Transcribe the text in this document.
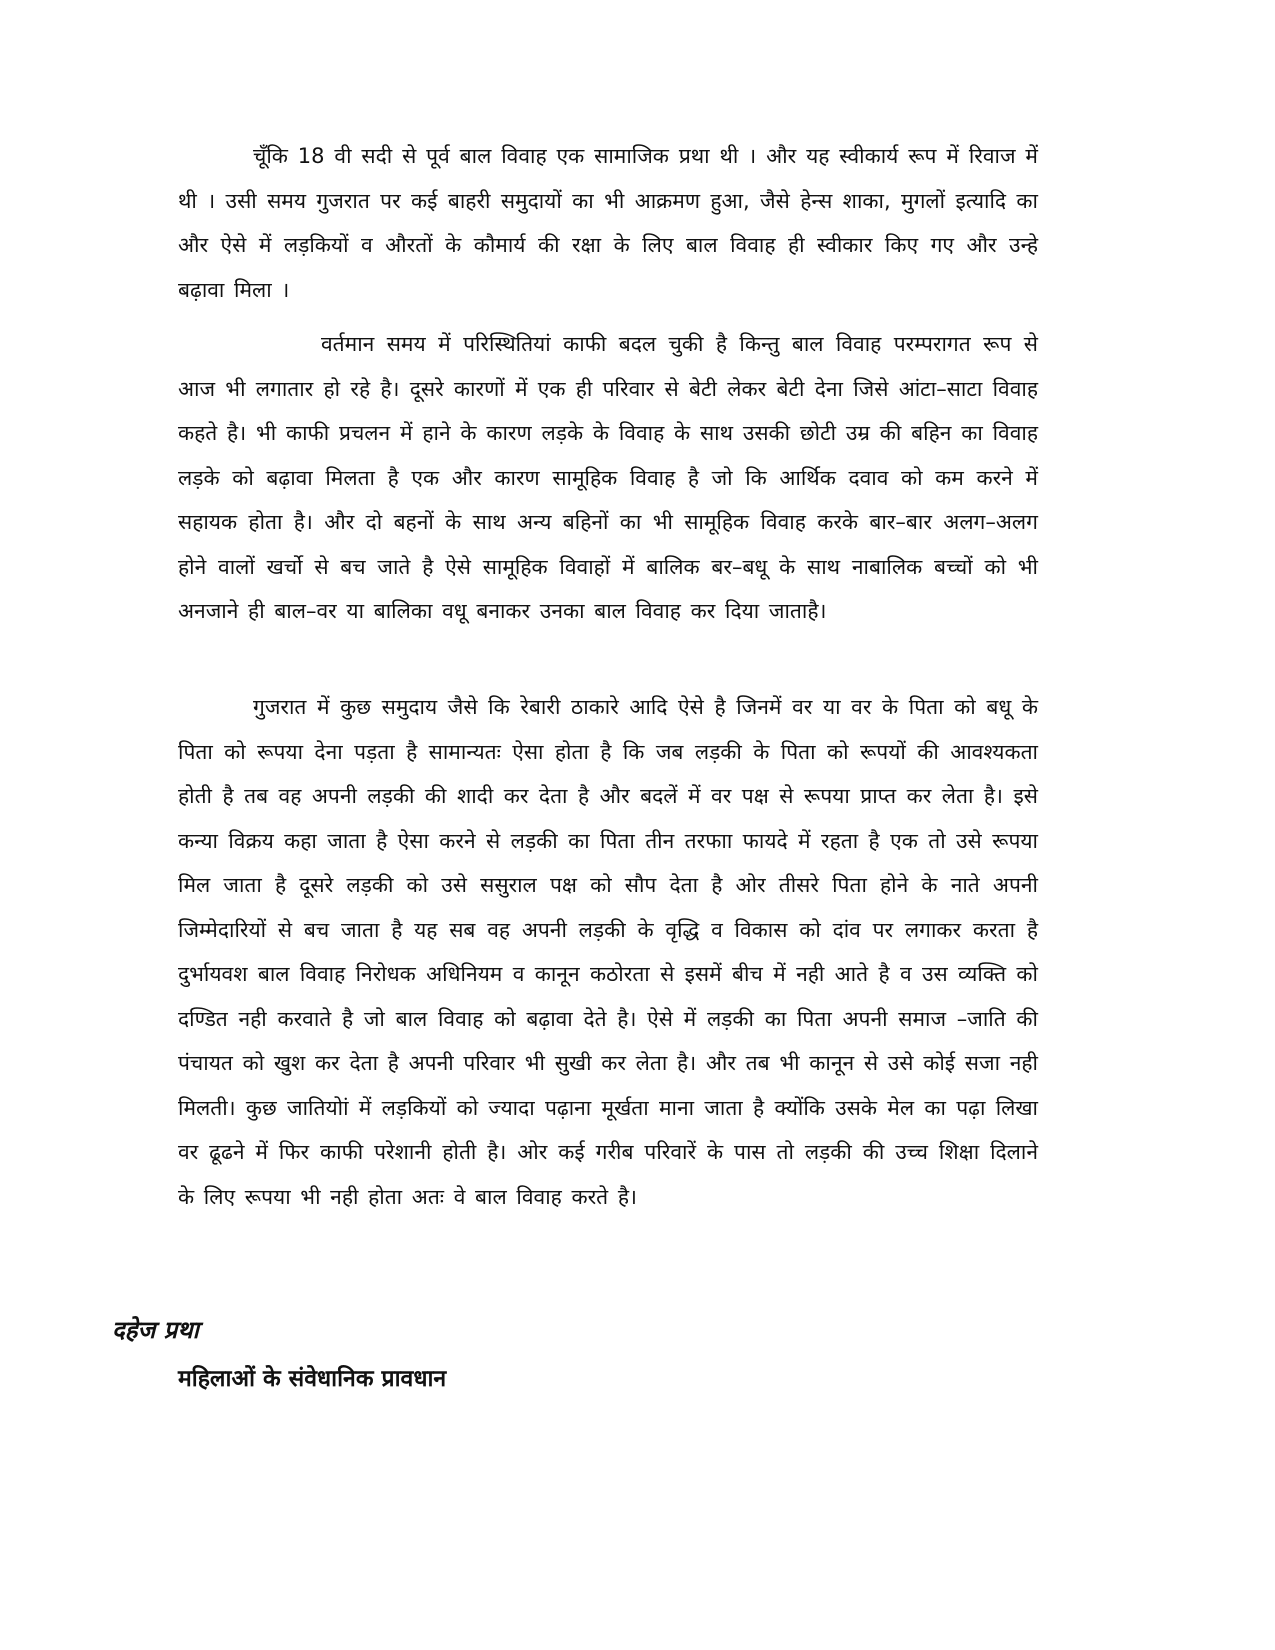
चूँकि 18 वी सदी से पूर्व बाल विवाह एक सामाजिक प्रथा थी । और यह स्वीकार्य रूप में रिवाज में थी । उसी समय गुजरात पर कई बाहरी समुदायों का भी आक्रमण हुआ, जैसे हेन्स शाका, मुगलों इत्यादि का और ऐसे में लड़कियों व औरतों के कौमार्य की रक्षा के लिए बाल विवाह ही स्वीकार किए गए और उन्हे बढ़ावा मिला ।

वर्तमान समय में परिस्थितियां काफी बदल चुकी है किन्तु बाल विवाह परम्परागत रूप से आज भी लगातार हो रहे है। दूसरे कारणों में एक ही परिवार से बेटी लेकर बेटी देना जिसे आंटा–साटा विवाह कहते है। भी काफी प्रचलन में हाने के कारण लड़के के विवाह के साथ उसकी छोटी उम्र की बहिन का विवाह लड़के को बढ़ावा मिलता है एक और कारण सामूहिक विवाह है जो कि आर्थिक दवाव को कम करने में सहायक होता है। और दो बहनों के साथ अन्य बहिनों का भी सामूहिक विवाह करके बार–बार अलग–अलग होने वालों खर्चो से बच जाते है ऐसे सामूहिक विवाहों में बालिक बर–बधू के साथ नाबालिक बच्चों को भी अनजाने ही बाल–वर या बालिका वधू बनाकर उनका बाल विवाह कर दिया जाताहै।

गुजरात में कुछ समुदाय जैसे कि रेबारी ठाकारे आदि ऐसे है जिनमें वर या वर के पिता को बधू के पिता को रूपया देना पड़ता है सामान्यतः ऐसा होता है कि जब लड़की के पिता को रूपयों की आवश्यकता होती है तब वह अपनी लड़की की शादी कर देता है और बदलें में वर पक्ष से रूपया प्राप्त कर लेता है। इसे कन्या विक्रय कहा जाता है ऐसा करने से लड़की का पिता तीन तरफाा फायदे में रहता है एक तो उसे रूपया मिल जाता है दूसरे लड़की को उसे ससुराल पक्ष को सौप देता है ओर तीसरे पिता होने के नाते अपनी जिम्मेदारियों से बच जाता है यह सब वह अपनी लड़की के वृद्धि व विकास को दांव पर लगाकर करता है दुर्भायवश बाल विवाह निरोधक अधिनियम व कानून कठोरता से इसमें बीच में नही आते है व उस व्यक्ति को दण्डित नही करवाते है जो बाल विवाह को बढ़ावा देते है। ऐसे में लड़की का पिता अपनी समाज –जाति की पंचायत को खुश कर देता है अपनी परिवार भी सुखी कर लेता है। और तब भी कानून से उसे कोई सजा नही मिलती। कुछ जातियोां में लड़कियों को ज्यादा पढ़ाना मूर्खता माना जाता है क्योंकि उसके मेल का पढ़ा लिखा वर ढूढने में फिर काफी परेशानी होती है। ओर कई गरीब परिवारें के पास तो लड़की की उच्च शिक्षा दिलाने के लिए रूपया भी नही होता अतः वे बाल विवाह करते है।

दहेज प्रथा
महिलाओं के संवेधानिक प्रावधान
